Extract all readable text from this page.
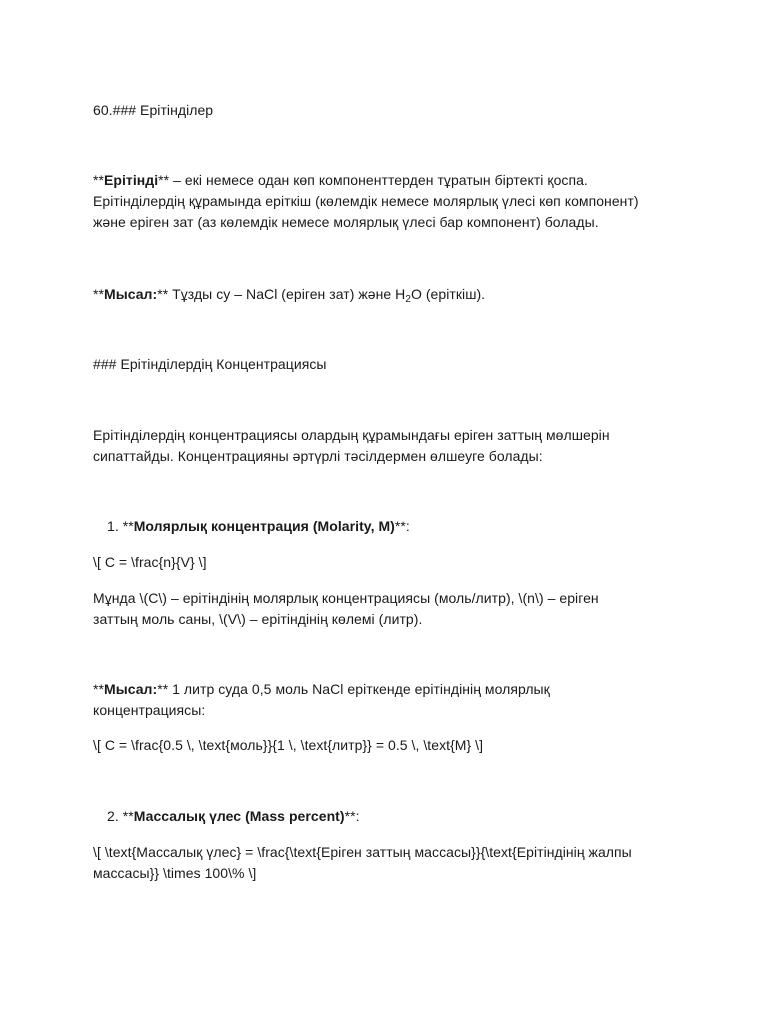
60.### Ерітінділер
**Ерітінді** – екі немесе одан көп компоненттерден тұратын біртекті қоспа.
Ерітінділердің құрамында еріткіш (көлемдік немесе молярлық үлесі көп компонент)
және еріген зат (аз көлемдік немесе молярлық үлесі бар компонент) болады.
**Мысал:** Тұзды су – NaCl (еріген зат) және $H_2O$ (еріткіш).
### Ерітінділердің Концентрациясы
Ерітінділердің концентрациясы олардың құрамындағы еріген заттың мөлшерін
сипаттайды. Концентрацияны әртүрлі тәсілдермен өлшеуге болады:
1. **Молярлық концентрация (Molarity, M)**:
\[ C = \frac{n}{V} \]
Мұнда \(C\) – ерітіндінің молярлық концентрациясы (моль/литр), \(n\) – еріген
заттың моль саны, \(V\) – ерітіндінің көлемі (литр).
**Мысал:** 1 литр суда 0,5 моль NaCl еріткенде ерітіндінің молярлық
концентрациясы:
\[ C = \frac{0.5 \, \text{моль}}{1 \, \text{литр}} = 0.5 \, \text{M} \]
2. **Массалық үлес (Mass percent)**:
\[ \text{Массалық үлес} = \frac{\text{Еріген заттың массасы}}{\text{Ерітіндінің жалпы
массасы}} \times 100\% \]
